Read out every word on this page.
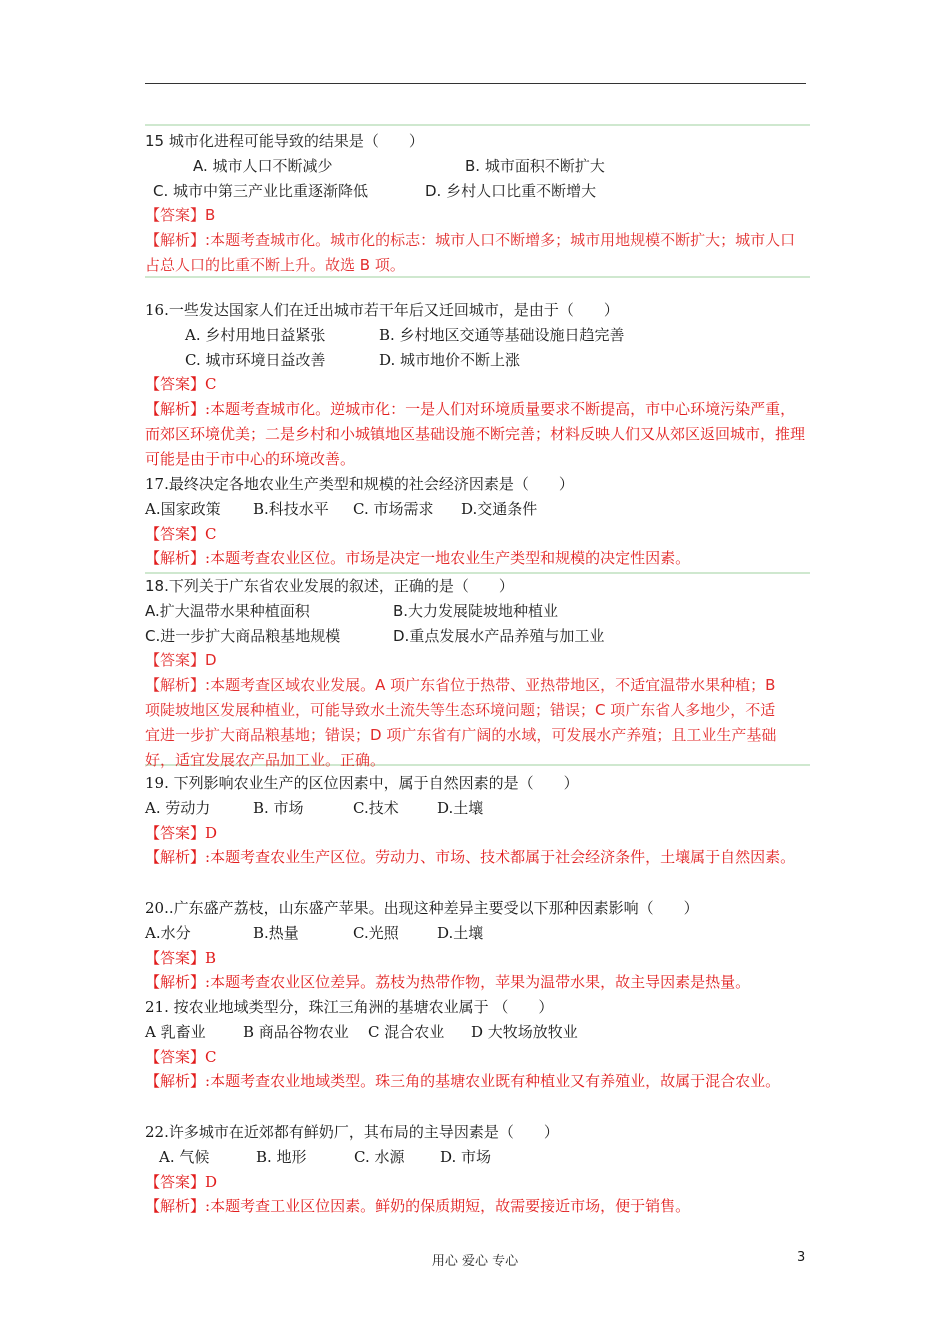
15 城市化进程可能导致的结果是（　　）
A. 城市人口不断减少	B. 城市面积不断扩大
C. 城市中第三产业比重逐渐降低	D. 乡村人口比重不断增大
【答案】B
【解析】:本题考查城市化。城市化的标志：城市人口不断增多；城市用地规模不断扩大；城市人口占总人口的比重不断上升。故选 B 项。
16.一些发达国家人们在迁出城市若干年后又迁回城市，是由于（　　）
A. 乡村用地日益紧张	B. 乡村地区交通等基础设施日趋完善
C. 城市环境日益改善	D. 城市地价不断上涨
【答案】C
【解析】:本题考查城市化。逆城市化：一是人们对环境质量要求不断提高，市中心环境污染严重，而郊区环境优美；二是乡村和小城镇地区基础设施不断完善；材料反映人们又从郊区返回城市，推理可能是由于市中心的环境改善。
17.最终决定各地农业生产类型和规模的社会经济因素是（　　）
A.国家政策 B.科技水平 C. 市场需求 D.交通条件
【答案】C
【解析】:本题考查农业区位。市场是决定一地农业生产类型和规模的决定性因素。
18.下列关于广东省农业发展的叙述，正确的是（　　）
A.扩大温带水果种植面积	B.大力发展陡坡地种植业
C.进一步扩大商品粮基地规模	D.重点发展水产品养殖与加工业
【答案】D
【解析】:本题考查区域农业发展。A 项广东省位于热带、亚热带地区，不适宜温带水果种植；B 项陡坡地区发展种植业，可能导致水土流失等生态环境问题；错误；C 项广东省人多地少，不适宜进一步扩大商品粮基地；错误；D 项广东省有广阔的水域，可发展水产养殖；且工业生产基础好，适宜发展农产品加工业。正确。
19. 下列影响农业生产的区位因素中，属于自然因素的是（　　）
A. 劳动力	B. 市场	C.技术	D.土壤
【答案】D
【解析】:本题考查农业生产区位。劳动力、市场、技术都属于社会经济条件，土壤属于自然因素。
20..广东盛产荔枝，山东盛产苹果。出现这种差异主要受以下那种因素影响（　　）
A.水分	B.热量	C.光照	D.土壤
【答案】B
【解析】:本题考查农业区位差异。荔枝为热带作物，苹果为温带水果，故主导因素是热量。
21. 按农业地域类型分，珠江三角洲的基塘农业属于 （　　）
A 乳畜业 B 商品谷物农业 C 混合农业 D 大牧场放牧业
【答案】C
【解析】:本题考查农业地域类型。珠三角的基塘农业既有种植业又有养殖业，故属于混合农业。
22.许多城市在近郊都有鲜奶厂，其布局的主导因素是（　　）
A. 气候	B. 地形	C. 水源 D. 市场
【答案】D
【解析】:本题考查工业区位因素。鲜奶的保质期短，故需要接近市场，便于销售。
用心 爱心 专心	3
